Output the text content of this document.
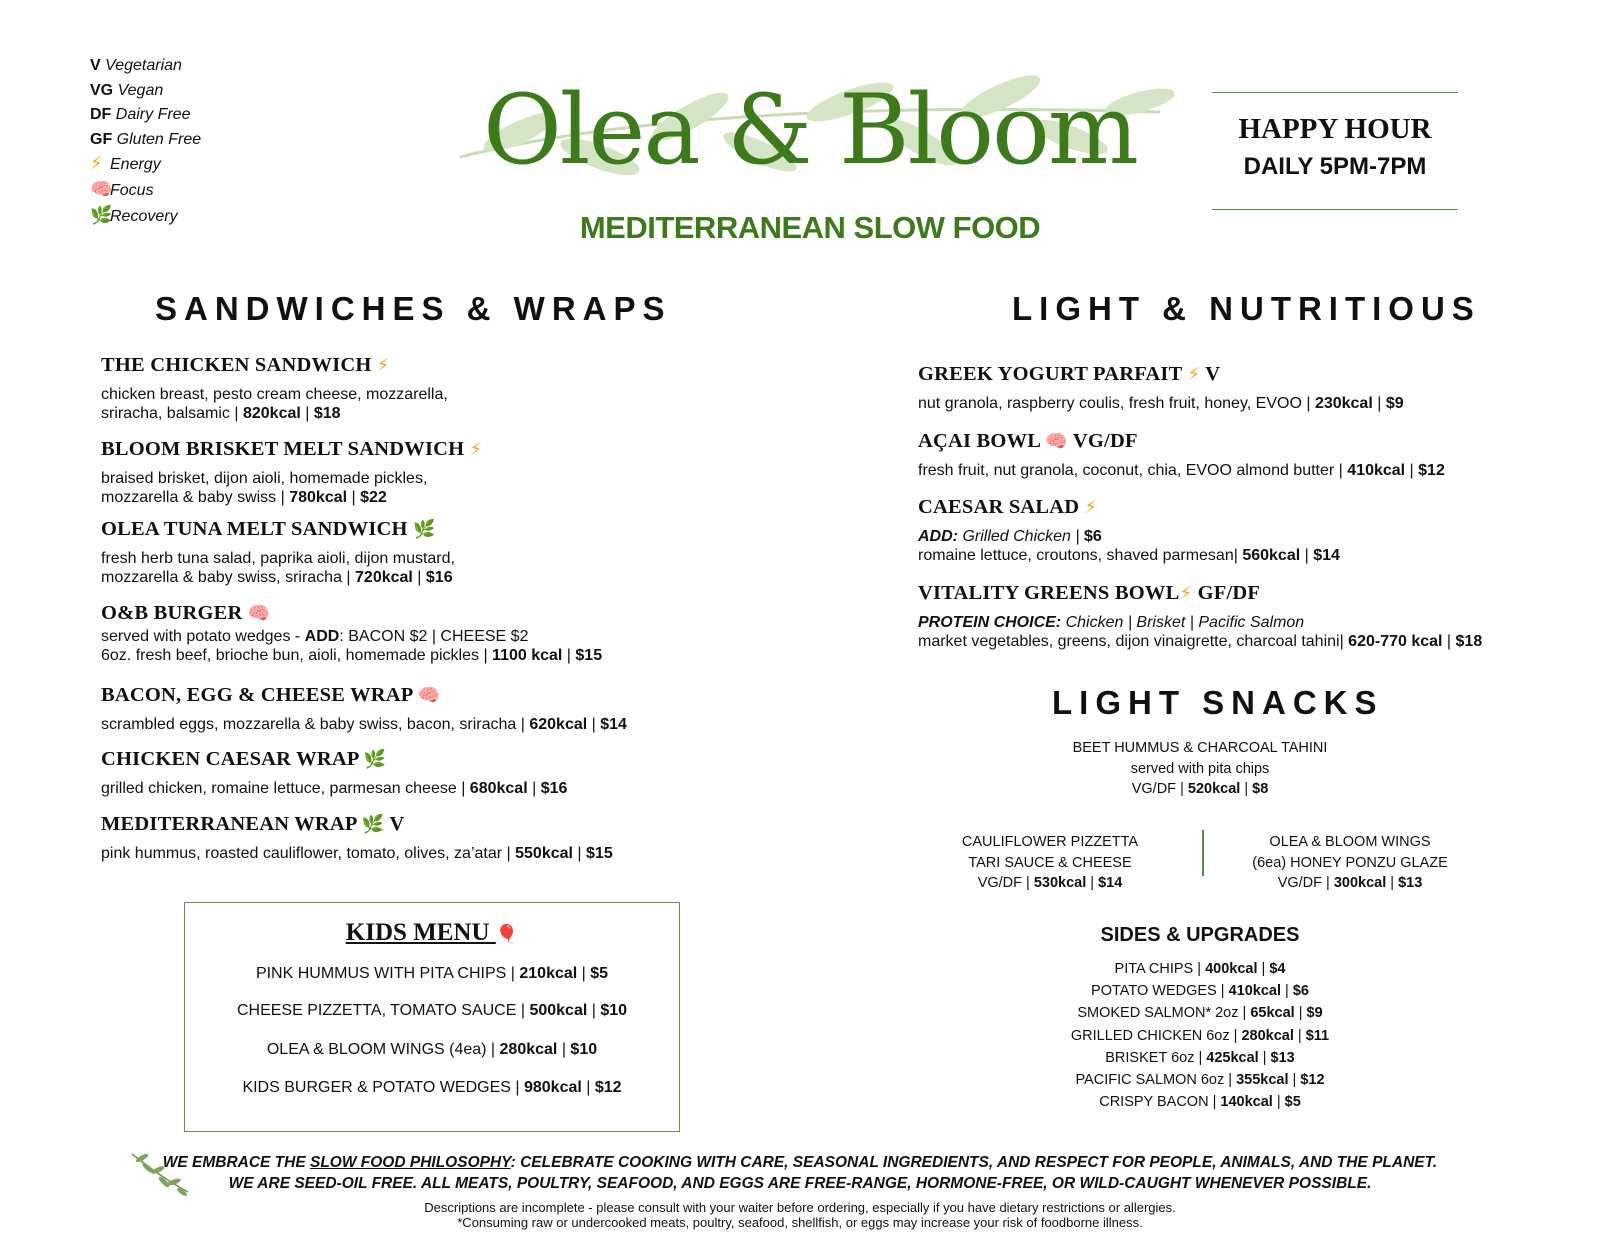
V Vegetarian
VG Vegan
DF Dairy Free
GF Gluten Free
⚡ Energy
🧠Focus
🌿Recovery
Olea & Bloom
MEDITERRANEAN SLOW FOOD
HAPPY HOUR
DAILY 5PM-7PM
SANDWICHES & WRAPS
THE CHICKEN SANDWICH ⚡
chicken breast, pesto cream cheese, mozzarella,
sriracha, balsamic | 820kcal | $18
BLOOM BRISKET MELT SANDWICH ⚡
braised brisket, dijon aioli, homemade pickles,
mozzarella & baby swiss | 780kcal | $22
OLEA TUNA MELT SANDWICH 🌿
fresh herb tuna salad, paprika aioli, dijon mustard,
mozzarella & baby swiss, sriracha | 720kcal | $16
O&B BURGER 🧠
served with potato wedges - ADD: BACON $2 | CHEESE $2
6oz. fresh beef, brioche bun, aioli, homemade pickles | 1100 kcal | $15
BACON, EGG & CHEESE WRAP 🧠
scrambled eggs, mozzarella & baby swiss, bacon, sriracha | 620kcal | $14
CHICKEN CAESAR WRAP 🌿
grilled chicken, romaine lettuce, parmesan cheese | 680kcal | $16
MEDITERRANEAN WRAP 🌿 V
pink hummus, roasted cauliflower, tomato, olives, za’atar | 550kcal | $15
KIDS MENU 🎈
PINK HUMMUS WITH PITA CHIPS | 210kcal | $5
CHEESE PIZZETTA, TOMATO SAUCE | 500kcal | $10
OLEA & BLOOM WINGS (4ea) | 280kcal | $10
KIDS BURGER & POTATO WEDGES | 980kcal | $12
LIGHT & NUTRITIOUS
GREEK YOGURT PARFAIT ⚡ V
nut granola, raspberry coulis, fresh fruit, honey, EVOO | 230kcal | $9
AÇAI BOWL 🧠 VG/DF
fresh fruit, nut granola, coconut, chia, EVOO almond butter | 410kcal | $12
CAESAR SALAD ⚡
ADD: Grilled Chicken | $6
romaine lettuce, croutons, shaved parmesan| 560kcal | $14
VITALITY GREENS BOWL⚡ GF/DF
PROTEIN CHOICE: Chicken | Brisket | Pacific Salmon
market vegetables, greens, dijon vinaigrette, charcoal tahini| 620-770 kcal | $18
LIGHT SNACKS
BEET HUMMUS & CHARCOAL TAHINI
served with pita chips
VG/DF | 520kcal | $8
CAULIFLOWER PIZZETTA
TARI SAUCE & CHEESE
VG/DF | 530kcal | $14
OLEA & BLOOM WINGS
(6ea) HONEY PONZU GLAZE
VG/DF | 300kcal | $13
SIDES & UPGRADES
PITA CHIPS | 400kcal | $4
POTATO WEDGES | 410kcal | $6
SMOKED SALMON* 2oz | 65kcal | $9
GRILLED CHICKEN 6oz | 280kcal | $11
BRISKET 6oz | 425kcal | $13
PACIFIC SALMON 6oz | 355kcal | $12
CRISPY BACON | 140kcal | $5
WE EMBRACE THE SLOW FOOD PHILOSOPHY: CELEBRATE COOKING WITH CARE, SEASONAL INGREDIENTS, AND RESPECT FOR PEOPLE, ANIMALS, AND THE PLANET.
WE ARE SEED-OIL FREE. ALL MEATS, POULTRY, SEAFOOD, AND EGGS ARE FREE-RANGE, HORMONE-FREE, OR WILD-CAUGHT WHENEVER POSSIBLE.
Descriptions are incomplete - please consult with your waiter before ordering, especially if you have dietary restrictions or allergies.
*Consuming raw or undercooked meats, poultry, seafood, shellfish, or eggs may increase your risk of foodborne illness.
